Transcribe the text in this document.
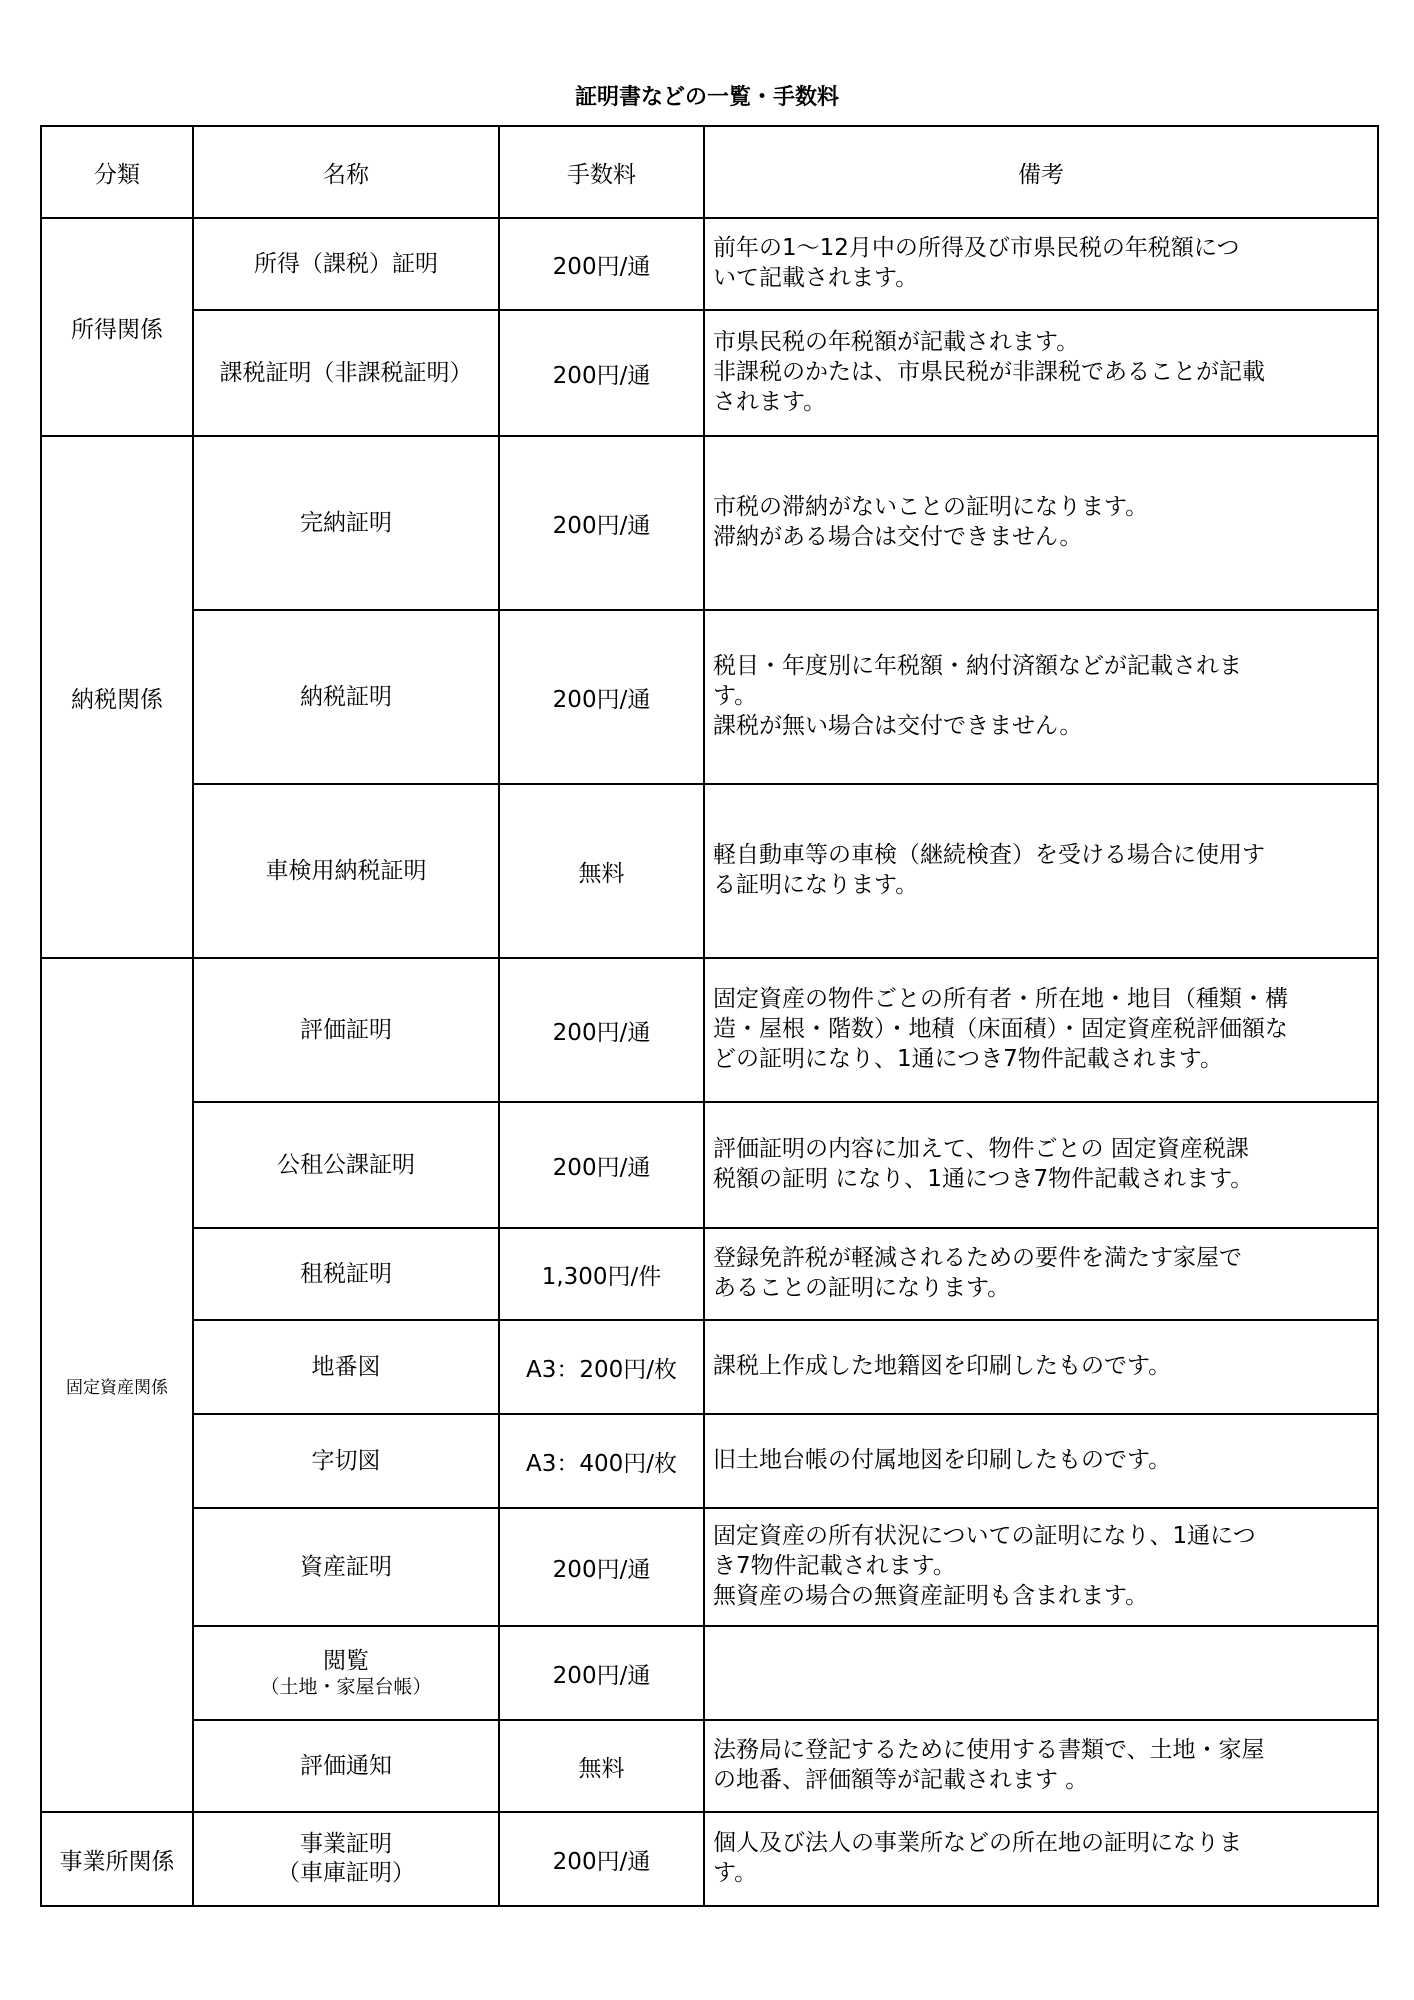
証明書などの一覧・手数料
分類	名称	手数料	備考
所得関係	所得（課税）証明	200円/通	前年の1～12月中の所得及び市県民税の年税額につ
いて記載されます。
	課税証明（非課税証明）	200円/通	市県民税の年税額が記載されます。
非課税のかたは、市県民税が非課税であることが記載
されます。
納税関係	完納証明	200円/通	市税の滞納がないことの証明になります。
滞納がある場合は交付できません。
	納税証明	200円/通	税目・年度別に年税額・納付済額などが記載されま
す。
課税が無い場合は交付できません。
	車検用納税証明	無料	軽自動車等の車検（継続検査）を受ける場合に使用す
る証明になります。
固定資産関係	評価証明	200円/通	固定資産の物件ごとの所有者・所在地・地目（種類・構
造・屋根・階数）・地積（床面積）・固定資産税評価額な
どの証明になり、1通につき7物件記載されます。
	公租公課証明	200円/通	評価証明の内容に加えて、物件ごとの 固定資産税課
税額の証明 になり、1通につき7物件記載されます。
	租税証明	1,300円/件	登録免許税が軽減されるための要件を満たす家屋で
あることの証明になります。
	地番図	A3：200円/枚	課税上作成した地籍図を印刷したものです。
	字切図	A3：400円/枚	旧土地台帳の付属地図を印刷したものです。
	資産証明	200円/通	固定資産の所有状況についての証明になり、1通につ
き7物件記載されます。
無資産の場合の無資産証明も含まれます。
	閲覧
（土地・家屋台帳）	200円/通	
	評価通知	無料	法務局に登記するために使用する書類で、土地・家屋
の地番、評価額等が記載されます 。
事業所関係	事業証明
（車庫証明）	200円/通	個人及び法人の事業所などの所在地の証明になりま
す。
